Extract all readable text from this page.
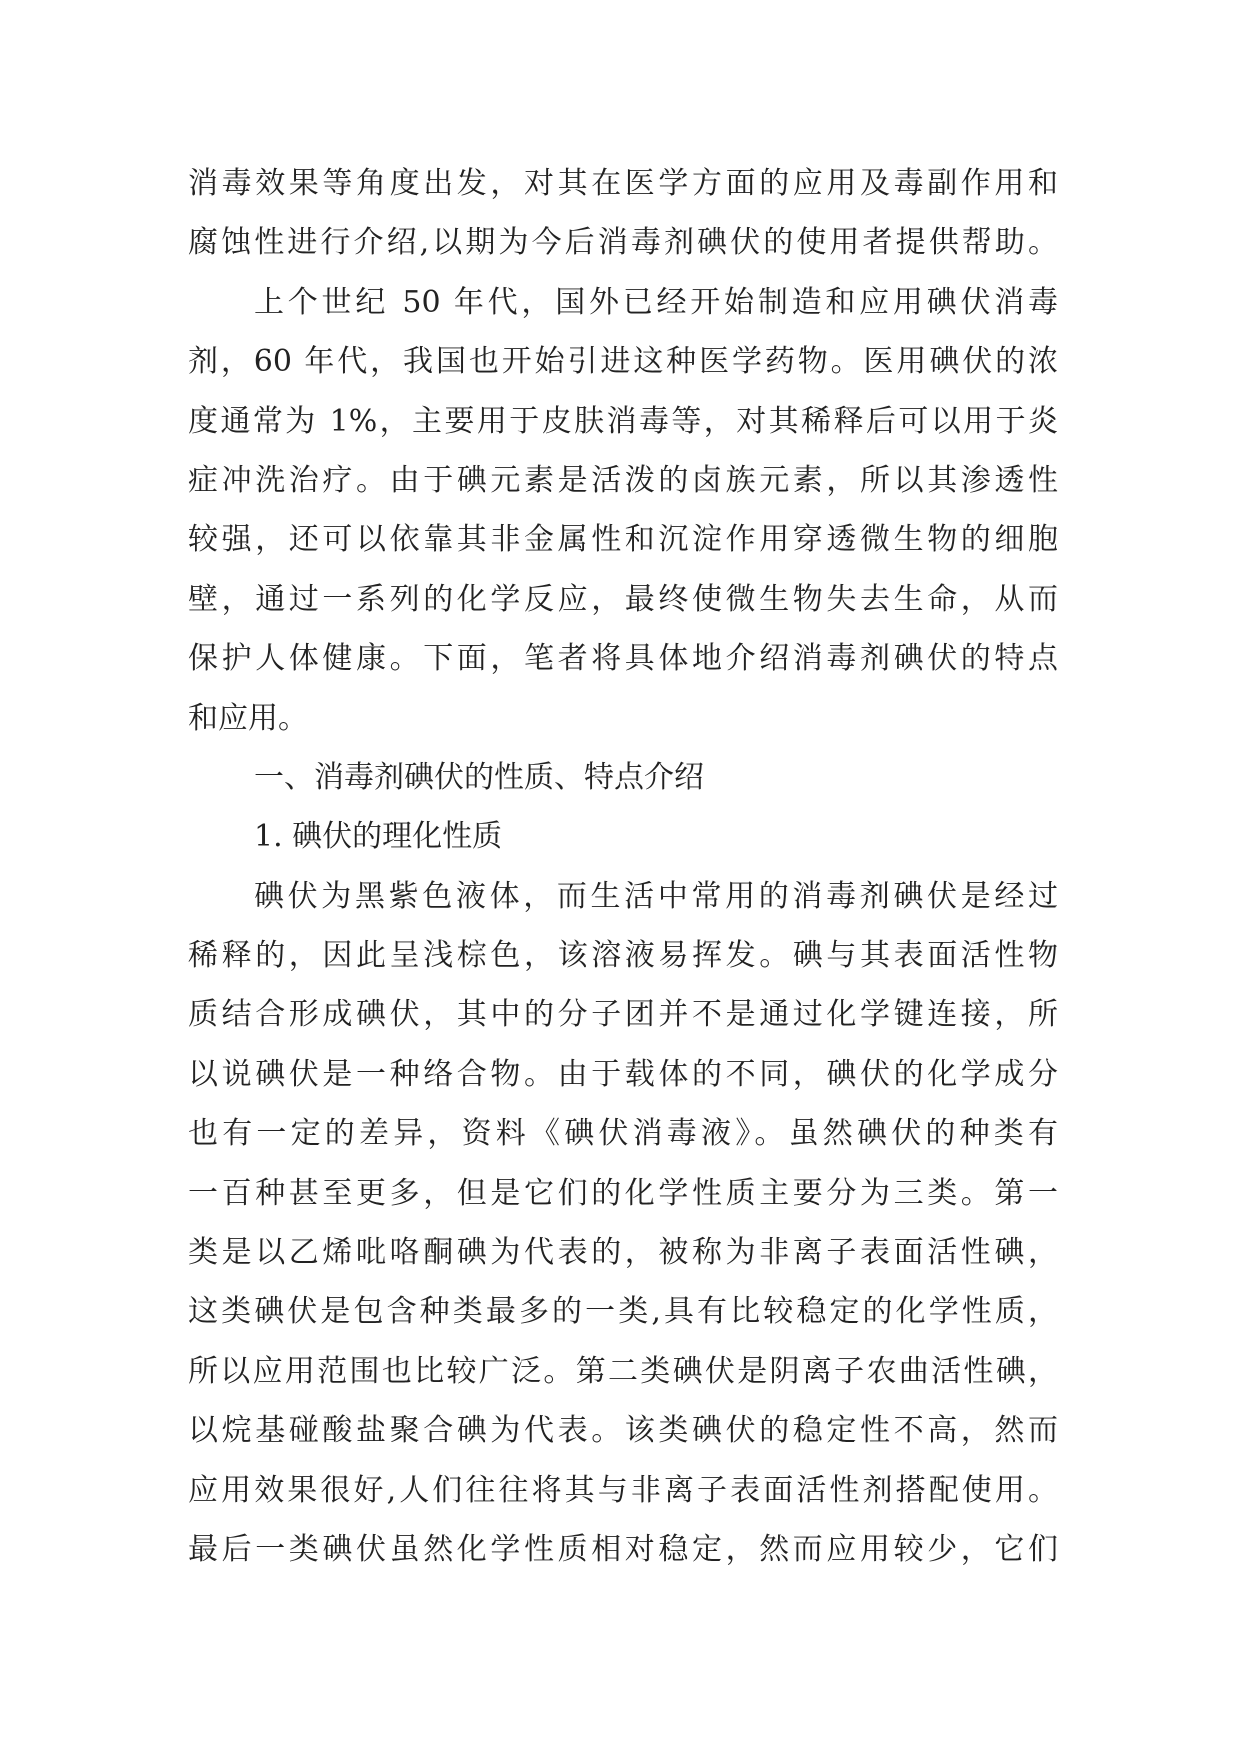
消毒效果等角度出发，对其在医学方面的应用及毒副作用和
腐蚀性进行介绍,以期为今后消毒剂碘伏的使用者提供帮助。
上个世纪 50 年代，国外已经开始制造和应用碘伏消毒
剂，60 年代，我国也开始引进这种医学药物。医用碘伏的浓
度通常为 1%，主要用于皮肤消毒等，对其稀释后可以用于炎
症冲洗治疗。由于碘元素是活泼的卤族元素，所以其渗透性
较强，还可以依靠其非金属性和沉淀作用穿透微生物的细胞
壁，通过一系列的化学反应，最终使微生物失去生命，从而
保护人体健康。下面，笔者将具体地介绍消毒剂碘伏的特点
和应用。
一、消毒剂碘伏的性质、特点介绍
1. 碘伏的理化性质
碘伏为黑紫色液体，而生活中常用的消毒剂碘伏是经过
稀释的，因此呈浅棕色，该溶液易挥发。碘与其表面活性物
质结合形成碘伏，其中的分子团并不是通过化学键连接，所
以说碘伏是一种络合物。由于载体的不同，碘伏的化学成分
也有一定的差异，资料《碘伏消毒液》。虽然碘伏的种类有
一百种甚至更多，但是它们的化学性质主要分为三类。第一
类是以乙烯吡咯酮碘为代表的，被称为非离子表面活性碘，
这类碘伏是包含种类最多的一类,具有比较稳定的化学性质，
所以应用范围也比较广泛。第二类碘伏是阴离子农曲活性碘，
以烷基碰酸盐聚合碘为代表。该类碘伏的稳定性不高，然而
应用效果很好,人们往往将其与非离子表面活性剂搭配使用。
最后一类碘伏虽然化学性质相对稳定，然而应用较少，它们
